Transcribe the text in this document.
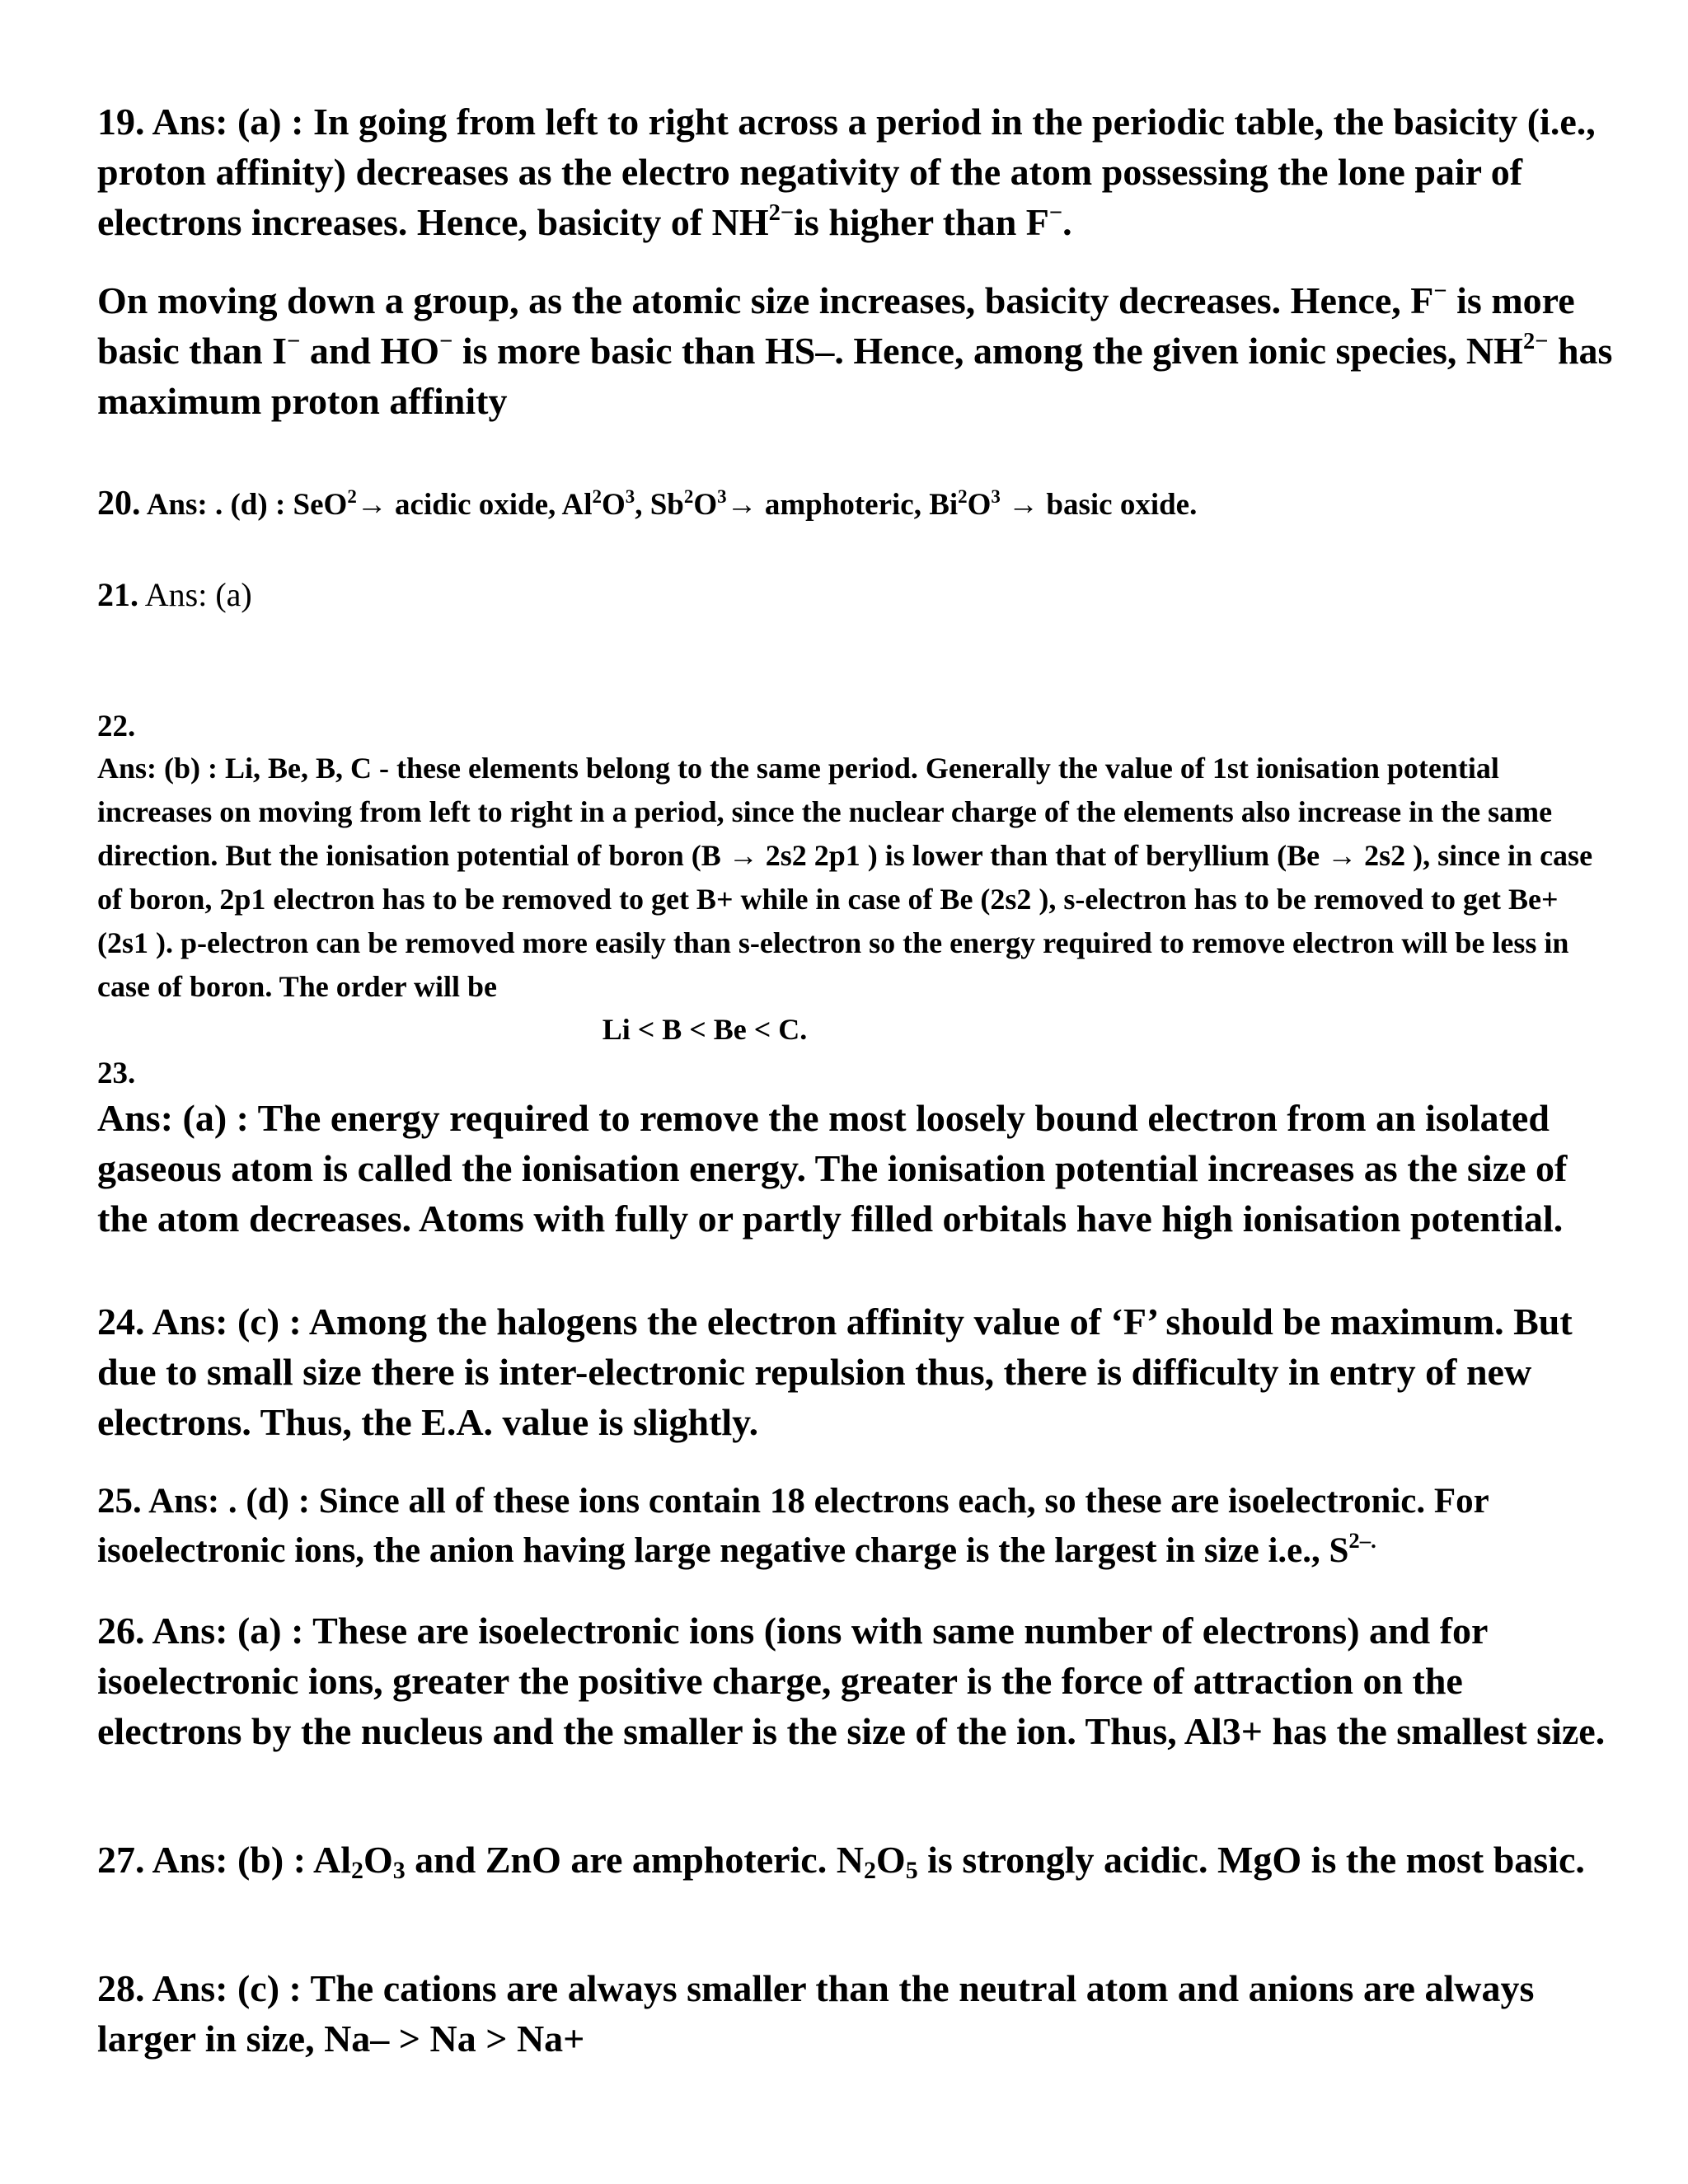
19. Ans: (a) : In going from left to right across a period in the periodic table, the basicity (i.e., proton affinity) decreases as the electro negativity of the atom possessing the lone pair of electrons increases. Hence, basicity of $NH^{2-}is$ higher than F−.

On moving down a group, as the atomic size increases, basicity decreases. Hence, F− is more basic than I− and HO− is more basic than HS–. Hence, among the given ionic species, $NH^{2-}$ has maximum proton affinity

20. Ans: . (d) : SeO$^2$→ acidic oxide, $Al^2O^3$, $Sb^2O^3\to$ amphoteric, $Bi^2O^3$ → basic oxide.

21. Ans: (a)

22.

Ans: (b) : Li, Be, B, C - these elements belong to the same period. Generally the value of 1st ionisation potential increases on moving from left to right in a period, since the nuclear charge of the elements also increase in the same direction. But the ionisation potential of boron (B → 2s2 2p1 ) is lower than that of beryllium (Be → 2s2 ), since in case of boron, 2p1 electron has to be removed to get B+ while in case of Be (2s2 ), s-electron has to be removed to get Be+ (2s1 ). p-electron can be removed more easily than s-electron so the energy required to remove electron will be less in case of boron. The order will be

Li < B < Be < C.

23.

Ans: (a) : The energy required to remove the most loosely bound electron from an isolated gaseous atom is called the ionisation energy. The ionisation potential increases as the size of the atom decreases. Atoms with fully or partly filled orbitals have high ionisation potential.

24. Ans: (c) : Among the halogens the electron affinity value of ‘F’ should be maximum. But due to small size there is inter-electronic repulsion thus, there is difficulty in entry of new electrons. Thus, the E.A. value is slightly.

25. Ans: . (d) : Since all of these ions contain 18 electrons each, so these are isoelectronic. For isoelectronic ions, the anion having large negative charge is the largest in size i.e., $S^{2-.}$

26. Ans: (a) : These are isoelectronic ions (ions with same number of electrons) and for isoelectronic ions, greater the positive charge, greater is the force of attraction on the electrons by the nucleus and the smaller is the size of the ion. Thus, Al3+ has the smallest size.

27. Ans: (b) : $Al_2O_3$ and ZnO are amphoteric. $N_2O_5$ is strongly acidic. MgO is the most basic.

28. Ans: (c) : The cations are always smaller than the neutral atom and anions are always larger in size, Na– > Na > Na+
